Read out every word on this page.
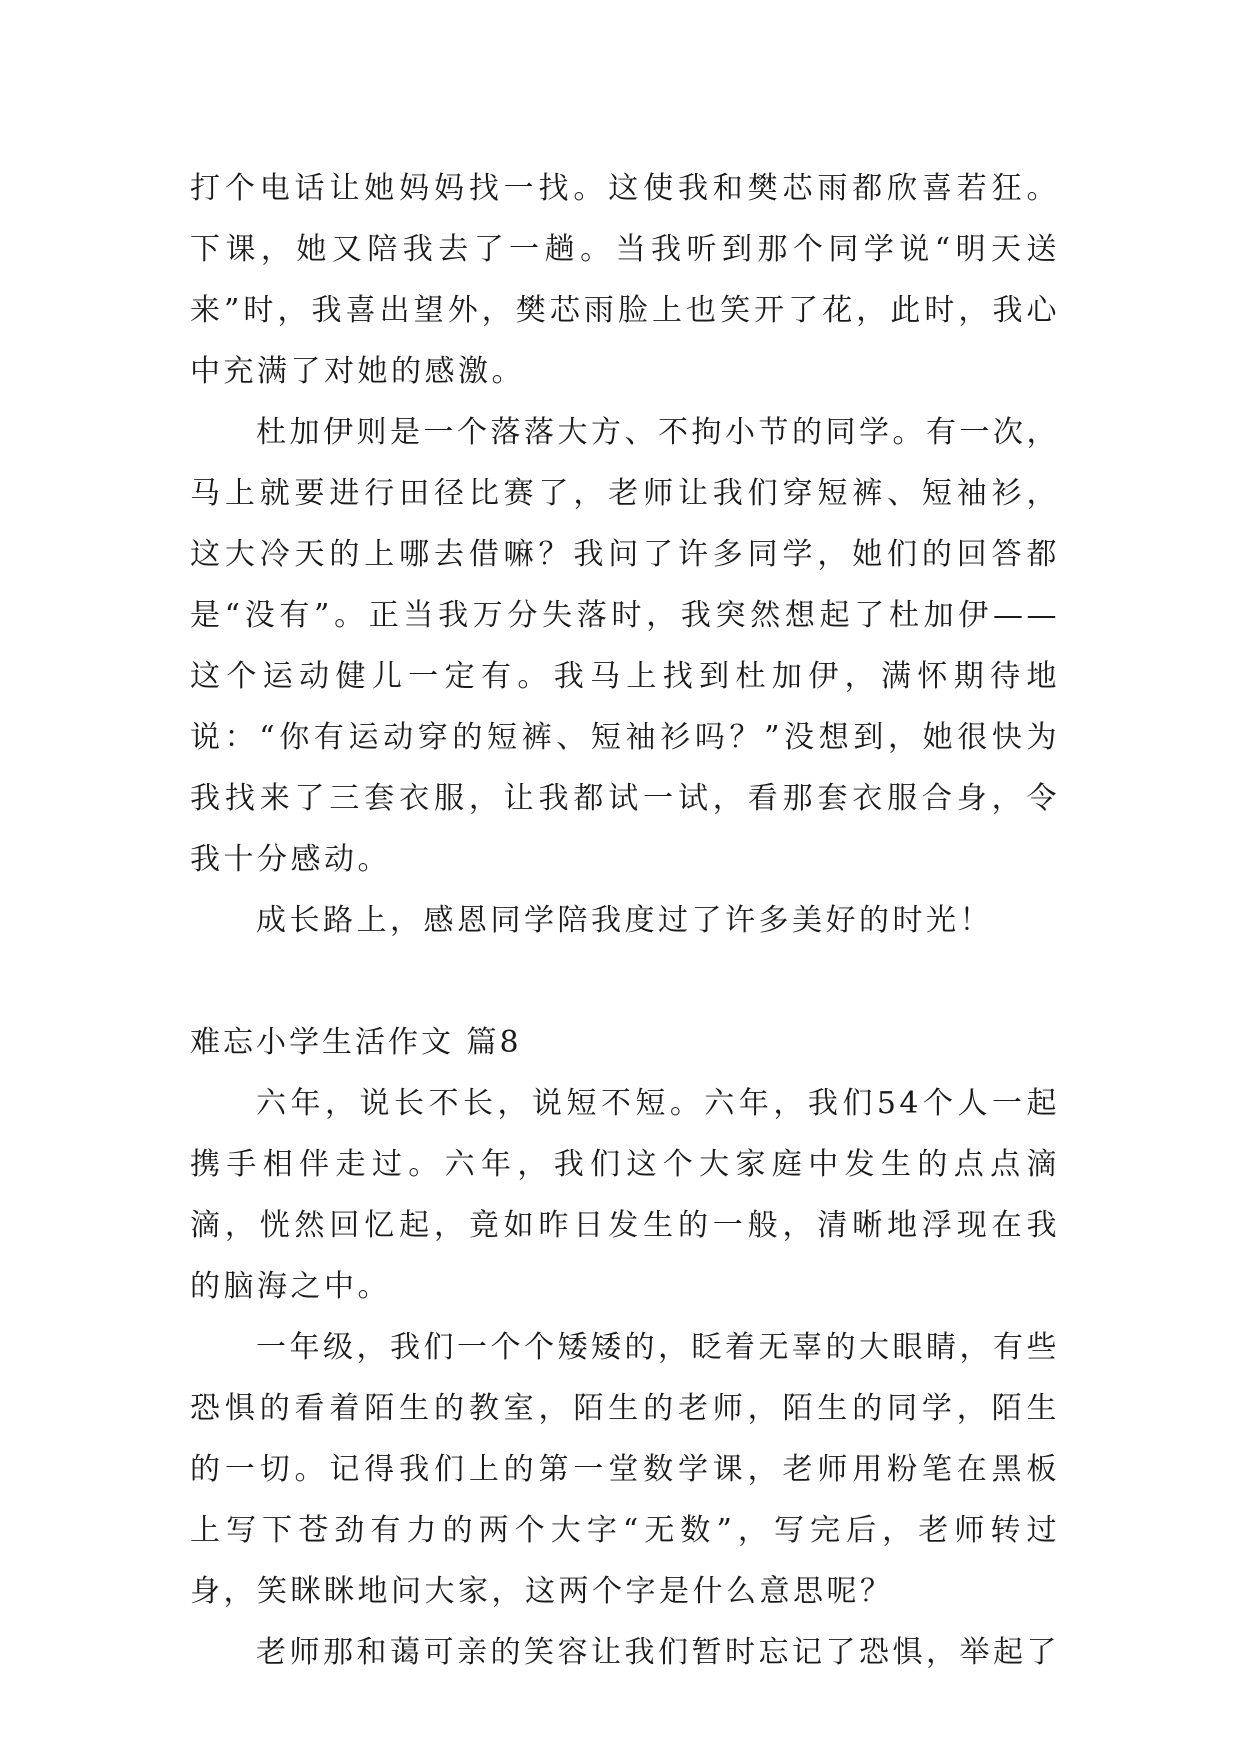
打个电话让她妈妈找一找。这使我和樊芯雨都欣喜若狂。下课，她又陪我去了一趟。当我听到那个同学说“明天送来”时，我喜出望外，樊芯雨脸上也笑开了花，此时，我心中充满了对她的感激。

杜加伊则是一个落落大方、不拘小节的同学。有一次，马上就要进行田径比赛了，老师让我们穿短裤、短袖衫，这大冷天的上哪去借嘛？我问了许多同学，她们的回答都是“没有”。正当我万分失落时，我突然想起了杜加伊——这个运动健儿一定有。我马上找到杜加伊，满怀期待地说：“你有运动穿的短裤、短袖衫吗？”没想到，她很快为我找来了三套衣服，让我都试一试，看那套衣服合身，令我十分感动。

成长路上，感恩同学陪我度过了许多美好的时光！

难忘小学生活作文 篇8

六年，说长不长，说短不短。六年，我们54个人一起携手相伴走过。六年，我们这个大家庭中发生的点点滴滴，恍然回忆起，竟如昨日发生的一般，清晰地浮现在我的脑海之中。

一年级，我们一个个矮矮的，眨着无辜的大眼睛，有些恐惧的看着陌生的教室，陌生的老师，陌生的同学，陌生的一切。记得我们上的第一堂数学课，老师用粉笔在黑板上写下苍劲有力的两个大字“无数”，写完后，老师转过身，笑眯眯地问大家，这两个字是什么意思呢？

老师那和蔼可亲的笑容让我们暂时忘记了恐惧，举起了
